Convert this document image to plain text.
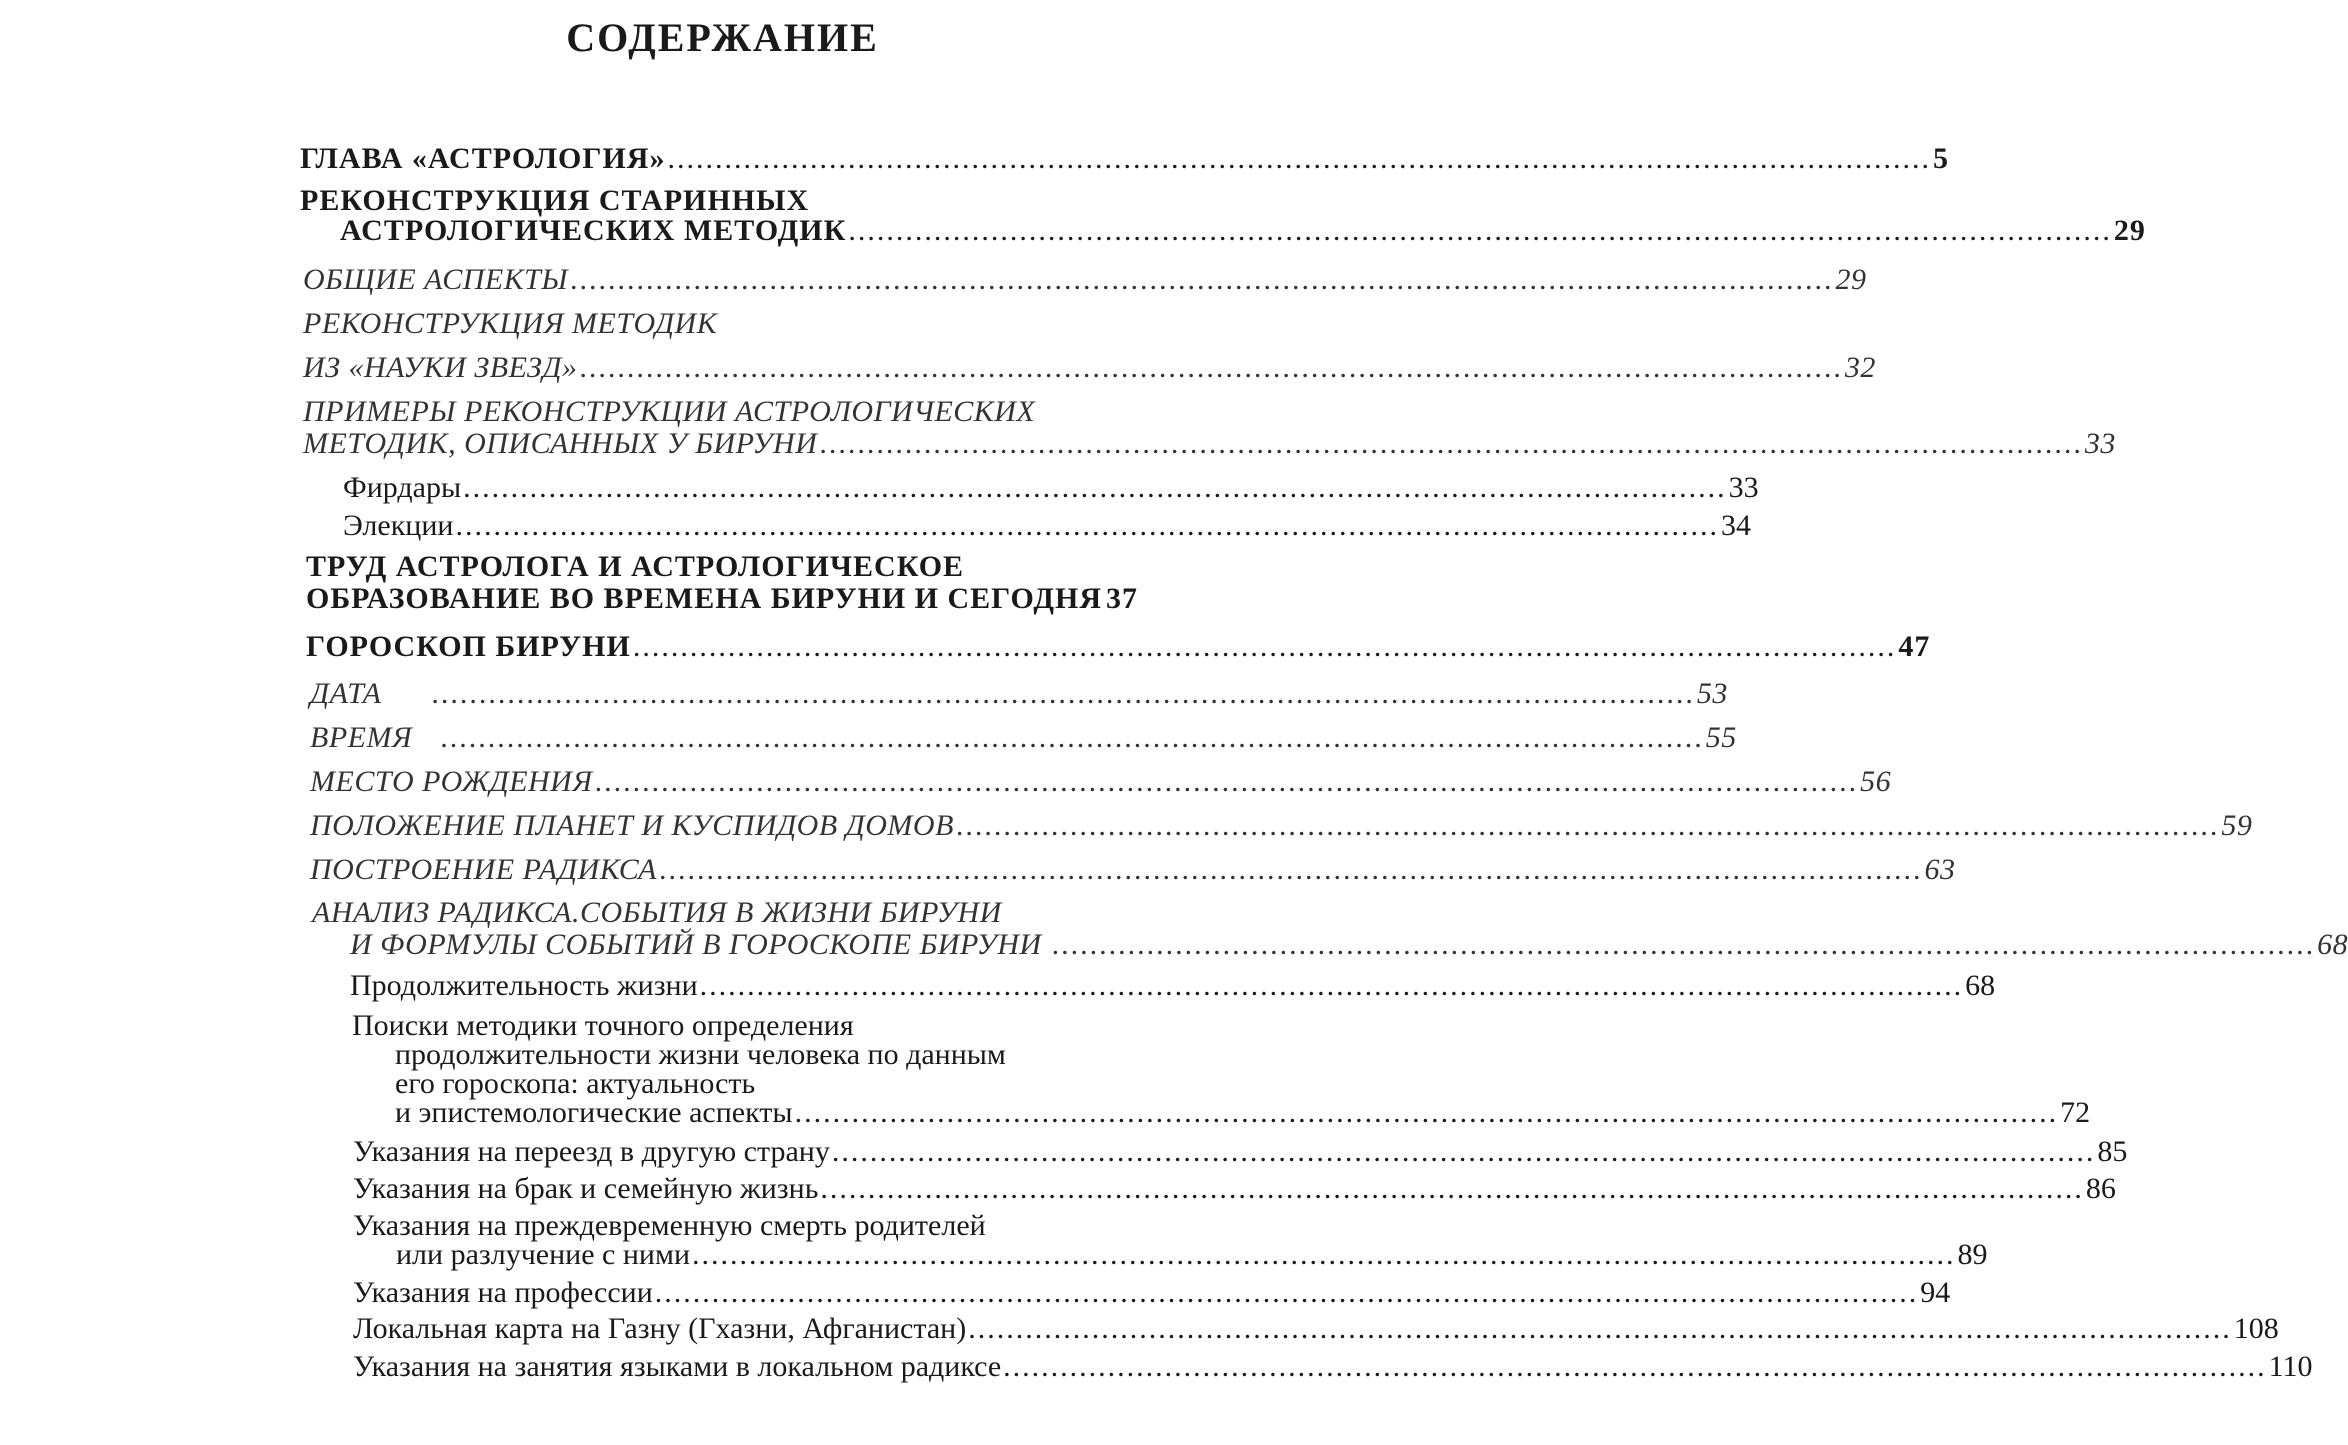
СОДЕРЖАНИЕ
ГЛАВА «АСТРОЛОГИЯ» ..................................................................................................................................... 5
РЕКОНСТРУКЦИЯ СТАРИННЫХ
АСТРОЛОГИЧЕСКИХ МЕТОДИК ..................................................................................................................................... 29
ОБЩИЕ АСПЕКТЫ ..................................................................................................................................... 29
РЕКОНСТРУКЦИЯ МЕТОДИК
ИЗ «НАУКИ ЗВЕЗД» ..................................................................................................................................... 32
ПРИМЕРЫ РЕКОНСТРУКЦИИ АСТРОЛОГИЧЕСКИХ
МЕТОДИК, ОПИСАННЫХ У БИРУНИ ..................................................................................................................................... 33
Фирдары ..................................................................................................................................... 33
Элекции ..................................................................................................................................... 34
ТРУД АСТРОЛОГА И АСТРОЛОГИЧЕСКОЕ
ОБРАЗОВАНИЕ ВО ВРЕМЕНА БИРУНИ И СЕГОДНЯ 37
ГОРОСКОП БИРУНИ ..................................................................................................................................... 47
ДАТА ..................................................................................................................................... 53
ВРЕМЯ ..................................................................................................................................... 55
МЕСТО РОЖДЕНИЯ ..................................................................................................................................... 56
ПОЛОЖЕНИЕ ПЛАНЕТ И КУСПИДОВ ДОМОВ ..................................................................................................................................... 59
ПОСТРОЕНИЕ РАДИКСА ..................................................................................................................................... 63
АНАЛИЗ РАДИКСА.СОБЫТИЯ В ЖИЗНИ БИРУНИ
И ФОРМУЛЫ СОБЫТИЙ В ГОРОСКОПЕ БИРУНИ ..................................................................................................................................... 68
Продолжительность жизни ..................................................................................................................................... 68
Поиски методики точного определения
продолжительности жизни человека по данным
его гороскопа: актуальность
и эпистемологические аспекты ..................................................................................................................................... 72
Указания на переезд в другую страну ..................................................................................................................................... 85
Указания на брак и семейную жизнь ..................................................................................................................................... 86
Указания на преждевременную смерть родителей
или разлучение с ними ..................................................................................................................................... 89
Указания на профессии ..................................................................................................................................... 94
Локальная карта на Газну (Гхазни, Афганистан) ..................................................................................................................................... 108
Указания на занятия языками в локальном радиксе ..................................................................................................................................... 110
